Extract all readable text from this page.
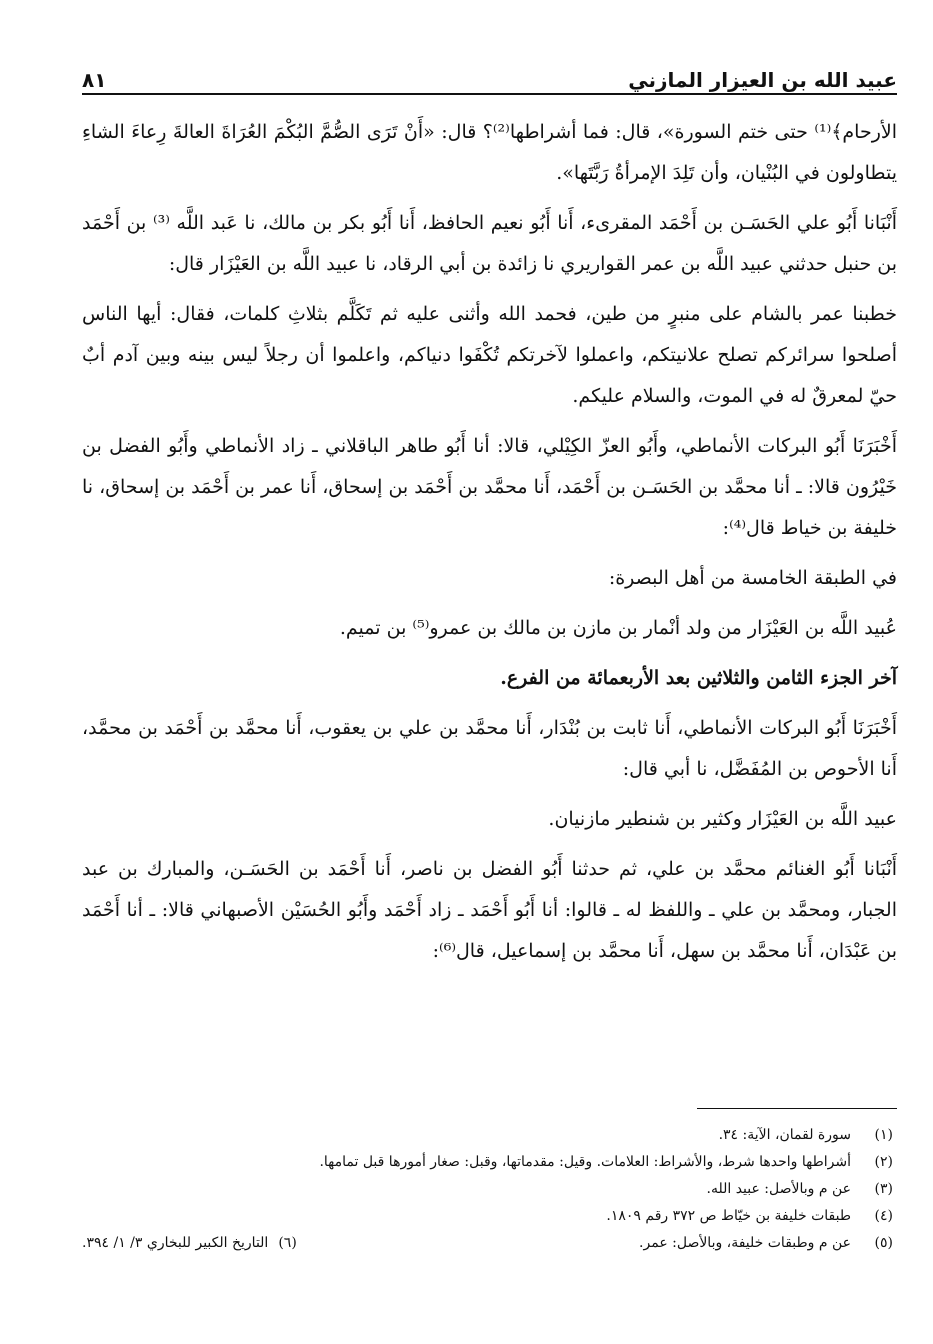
عبيد الله بن العيزار المازني
٨١

الأرحام﴾⁽¹⁾ حتى ختم السورة»، قال: فما أشراطها⁽²⁾؟ قال: «أَنْ تَرَى الصُّمَّ البُكْمَ العُرَاةَ العالةَ رِعاءَ الشاءِ يتطاولون في البُنْيان، وأن تَلِدَ الإمرأةُ رَبَّتَها».

أَنْبَانا أَبُو علي الحَسَـن بن أَحْمَد المقرىء، أَنا أَبُو نعيم الحافظ، أَنا أَبُو بكر بن مالك، نا عَبد اللَّه ⁽³⁾ بن أَحْمَد بن حنبل حدثني عبيد اللَّه بن عمر القواريري نا زائدة بن أبي الرقاد، نا عبيد اللَّه بن العَيْزَار قال:

خطبنا عمر بالشام على منبرٍ من طين، فحمد الله وأثنى عليه ثم تَكَلَّم بثلاثِ كلمات، فقال: أيها الناس أصلحوا سرائركم تصلح علانيتكم، واعملوا لآخرتكم تُكْفَوا دنياكم، واعلموا أن رجلاً ليس بينه وبين آدم أبٌ حيّ لمعرقٌ له في الموت، والسلام عليكم.

أَخْبَرَنَا أَبُو البركات الأنماطي، وأَبُو العزّ الكِيْلي، قالا: أنا أَبُو طاهر الباقلاني ـ زاد الأنماطي وأَبُو الفضل بن خَيْرُون قالا: ـ أنا محمَّد بن الحَسَـن بن أَحْمَد، أَنا محمَّد بن أَحْمَد بن إسحاق، أَنا عمر بن أَحْمَد بن إسحاق، نا خليفة بن خياط قال⁽⁴⁾:

في الطبقة الخامسة من أهل البصرة:

عُبيد اللَّه بن العَيْزَار من ولد أنْمار بن مازن بن مالك بن عمرو⁽⁵⁾ بن تميم.

آخر الجزء الثامن والثلاثين بعد الأربعمائة من الفرع.

أَخْبَرَنَا أَبُو البركات الأنماطي، أَنا ثابت بن بُنْدَار، أَنا محمَّد بن علي بن يعقوب، أَنا محمَّد بن أَحْمَد بن محمَّد، أَنا الأحوص بن المُفَضَّل، نا أبي قال:

عبيد اللَّه بن العَيْزَار وكثير بن شنطير مازنيان.

أَنْبَانا أَبُو الغنائم محمَّد بن علي، ثم حدثنا أَبُو الفضل بن ناصر، أَنا أَحْمَد بن الحَسَـن، والمبارك بن عبد الجبار، ومحمَّد بن علي ـ واللفظ له ـ قالوا: أنا أَبُو أَحْمَد ـ زاد أَحْمَد وأَبُو الحُسَيْن الأصبهاني قالا: ـ أنا أَحْمَد بن عَبْدَان، أَنا محمَّد بن سهل، أَنا محمَّد بن إسماعيل، قال⁽⁶⁾:

(١)
سورة لقمان، الآية: ٣٤.
(٢)
أشراطها واحدها شرط، والأشراط: العلامات. وقيل: مقدماتها، وقبل: صغار أمورها قبل تمامها.
(٣)
عن م وبالأصل: عبيد الله.
(٤)
طبقات خليفة بن خيّاط ص ٣٧٢ رقم ١٨٠٩.
(٥)
عن م وطبقات خليفة، وبالأصل: عمر.
(٦)
التاريخ الكبير للبخاري ٣/ ١/ ٣٩٤.
